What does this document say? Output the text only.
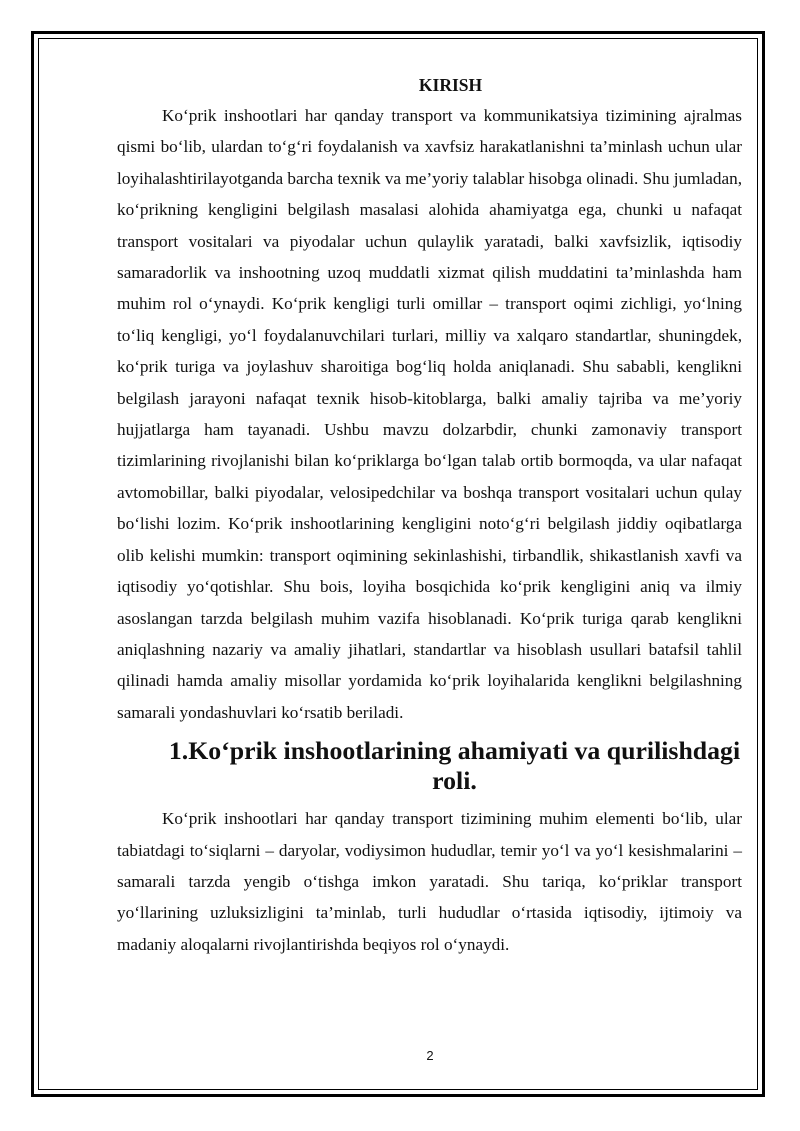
KIRISH

Ko‘prik inshootlari har qanday transport va kommunikatsiya tizimining ajralmas qismi bo‘lib, ulardan to‘g‘ri foydalanish va xavfsiz harakatlanishni ta’minlash uchun ular loyihalashtirilayotganda barcha texnik va me’yoriy talablar hisobga olinadi. Shu jumladan, ko‘prikning kengligini belgilash masalasi alohida ahamiyatga ega, chunki u nafaqat transport vositalari va piyodalar uchun qulaylik yaratadi, balki xavfsizlik, iqtisodiy samaradorlik va inshootning uzoq muddatli xizmat qilish muddatini ta’minlashda ham muhim rol o‘ynaydi. Ko‘prik kengligi turli omillar – transport oqimi zichligi, yo‘lning to‘liq kengligi, yo‘l foydalanuvchilari turlari, milliy va xalqaro standartlar, shuningdek, ko‘prik turiga va joylashuv sharoitiga bog‘liq holda aniqlanadi. Shu sababli, kenglikni belgilash jarayoni nafaqat texnik hisob-kitoblarga, balki amaliy tajriba va me’yoriy hujjatlarga ham tayanadi. Ushbu mavzu dolzarbdir, chunki zamonaviy transport tizimlarining rivojlanishi bilan ko‘priklarga bo‘lgan talab ortib bormoqda, va ular nafaqat avtomobillar, balki piyodalar, velosipedchilar va boshqa transport vositalari uchun qulay bo‘lishi lozim. Ko‘prik inshootlarining kengligini noto‘g‘ri belgilash jiddiy oqibatlarga olib kelishi mumkin: transport oqimining sekinlashishi, tirbandlik, shikastlanish xavfi va iqtisodiy yo‘qotishlar. Shu bois, loyiha bosqichida ko‘prik kengligini aniq va ilmiy asoslangan tarzda belgilash muhim vazifa hisoblanadi. Ko‘prik turiga qarab kenglikni aniqlashning nazariy va amaliy jihatlari, standartlar va hisoblash usullari batafsil tahlil qilinadi hamda amaliy misollar yordamida ko‘prik loyihalarida kenglikni belgilashning samarali yondashuvlari ko‘rsatib beriladi.

1.Ko‘prik inshootlarining ahamiyati va qurilishdagi roli.

Ko‘prik inshootlari har qanday transport tizimining muhim elementi bo‘lib, ular tabiatdagi to‘siqlarni – daryolar, vodiysimon hududlar, temir yo‘l va yo‘l kesishmalarini – samarali tarzda yengib o‘tishga imkon yaratadi. Shu tariqa, ko‘priklar transport yo‘llarining uzluksizligini ta’minlab, turli hududlar o‘rtasida iqtisodiy, ijtimoiy va madaniy aloqalarni rivojlantirishda beqiyos rol o‘ynaydi.

2
